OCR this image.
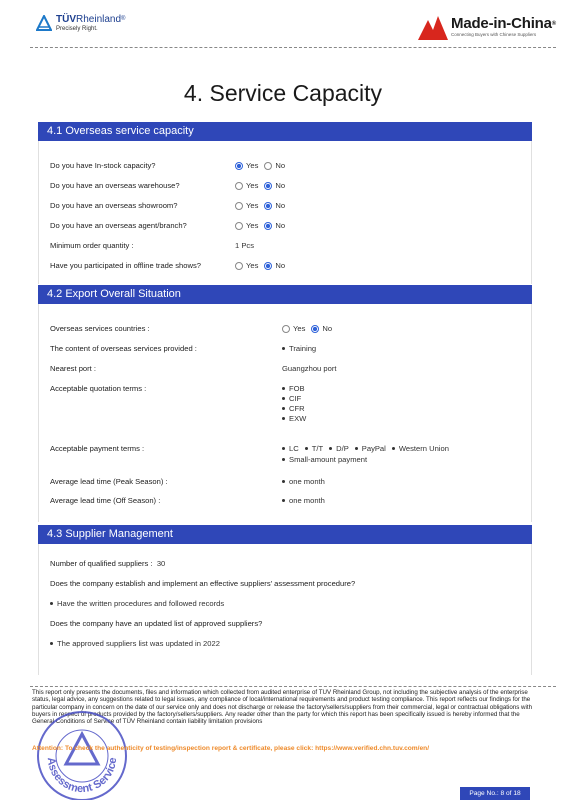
TÜVRheinland®
Precisely Right.	Made-in-China®
Connecting Buyers with Chinese Suppliers
4. Service Capacity
4.1 Overseas service capacity
Do you have In-stock capacity?	Yes No
Do you have an overseas warehouse?	Yes No
Do you have an overseas showroom?	Yes No
Do you have an overseas agent/branch?	Yes No
Minimum order quantity :	1 Pcs
Have you participated in offline trade shows?	Yes No
4.2 Export Overall Situation
Overseas services countries :	Yes No
The content of overseas services provided :	Training
Nearest port :	Guangzhou port
Acceptable quotation terms :	FOB
CIF
CFR
EXW
Acceptable payment terms :	LC T/T D/P PayPal Western Union
Small-amount payment
Average lead time (Peak Season) :	one month
Average lead time (Off Season) :	one month
4.3 Supplier Management
Number of qualified suppliers : 30
Does the company establish and implement an effective suppliers' assessment procedure?
Have the written procedures and followed records
Does the company have an updated list of approved suppliers?
The approved suppliers list was updated in 2022
This report only presents the documents, files and information which collected from audited enterprise of TUV Rheinland Group, not including the subjective analysis of the enterprise status, legal advice, any suggestions related to legal issues, any compliance of local/international requirements and product testing compliance. This report reflects our findings for the particular company in concern on the date of our service only and does not discharge or release the factory/sellers/suppliers from their commercial, legal or contractual obligations with buyers in respect of products provided by the factory/sellers/suppliers. Any reader other than the party for which this report has been specifically issued is hereby informed that the General Conditions of Service of TÜV Rheinland contain liability limitation provisions
Assessment Service
Attention: To check the authenticity of testing/inspection report & certificate, please click: https://www.verified.chn.tuv.com/en/
Page No.: 8 of 18
